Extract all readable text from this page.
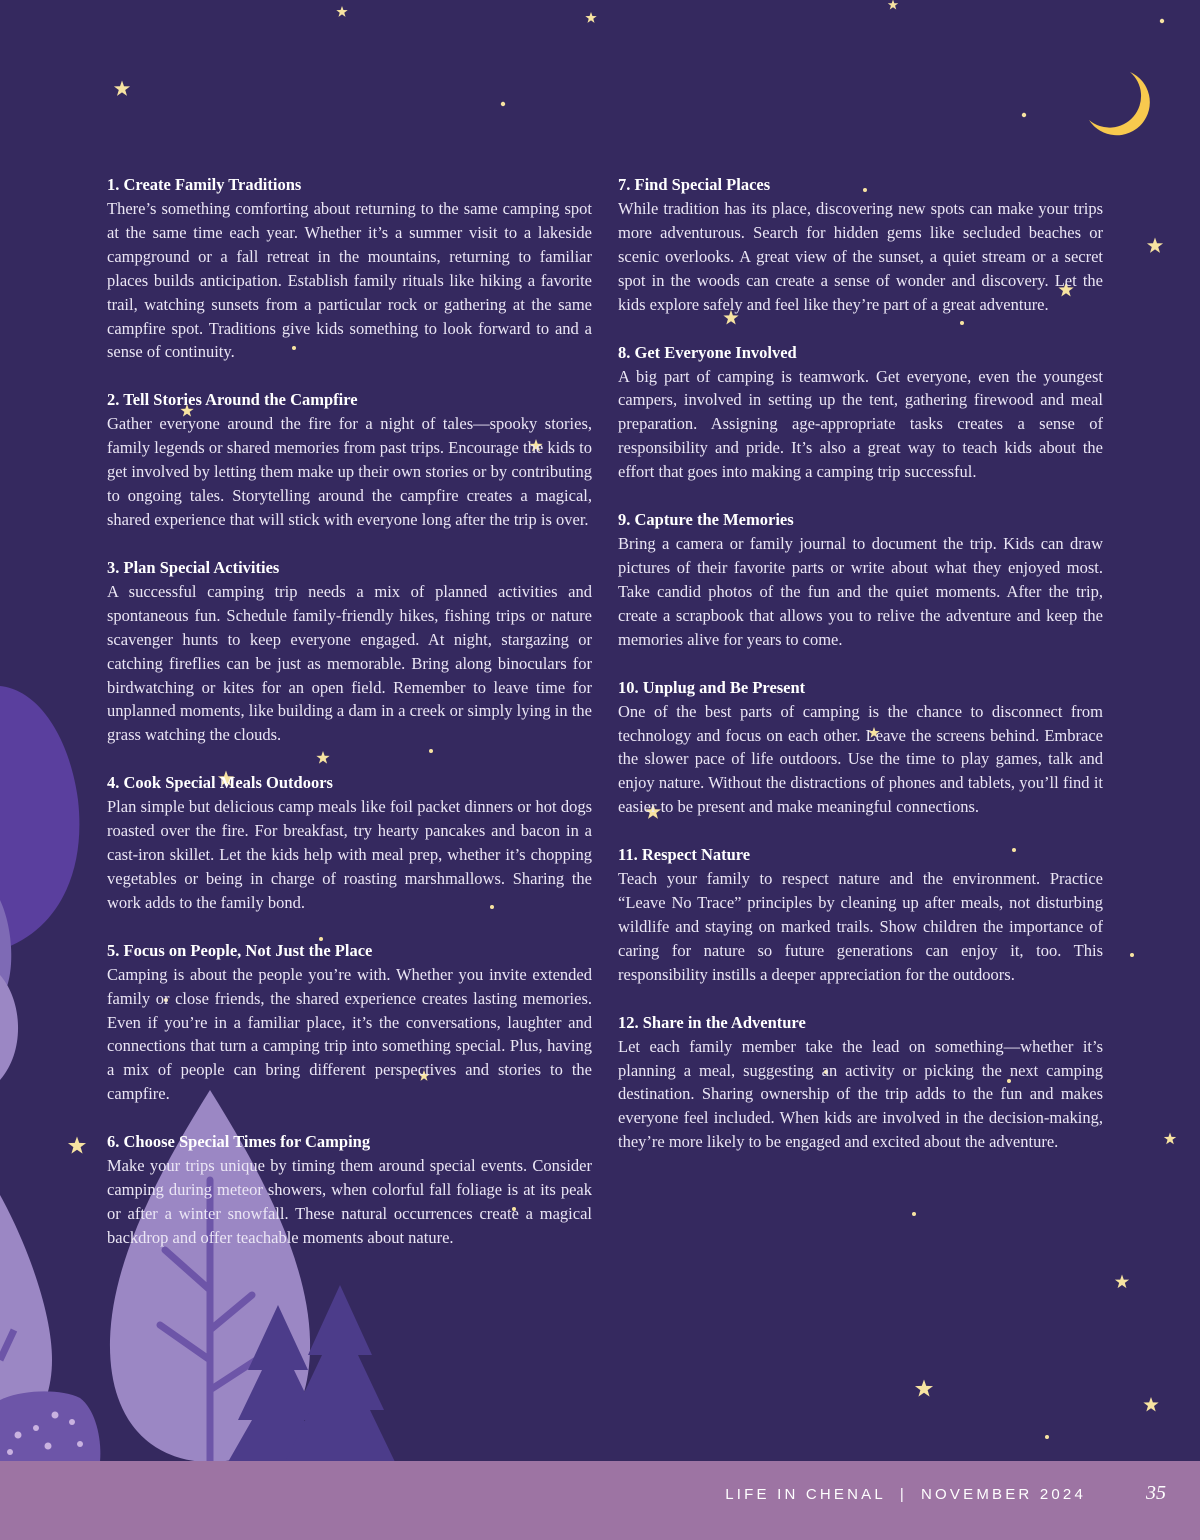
1. Create Family Traditions

There’s something comforting about returning to the same camping spot at the same time each year. Whether it’s a summer visit to a lakeside campground or a fall retreat in the mountains, returning to familiar places builds anticipation. Establish family rituals like hiking a favorite trail, watching sunsets from a particular rock or gathering at the same campfire spot. Traditions give kids something to look forward to and a sense of continuity.

2. Tell Stories Around the Campfire

Gather everyone around the fire for a night of tales—spooky stories, family legends or shared memories from past trips. Encourage the kids to get involved by letting them make up their own stories or by contributing to ongoing tales. Storytelling around the campfire creates a magical, shared experience that will stick with everyone long after the trip is over.

3. Plan Special Activities

A successful camping trip needs a mix of planned activities and spontaneous fun. Schedule family-friendly hikes, fishing trips or nature scavenger hunts to keep everyone engaged. At night, stargazing or catching fireflies can be just as memorable. Bring along binoculars for birdwatching or kites for an open field. Remember to leave time for unplanned moments, like building a dam in a creek or simply lying in the grass watching the clouds.

4. Cook Special Meals Outdoors

Plan simple but delicious camp meals like foil packet dinners or hot dogs roasted over the fire. For breakfast, try hearty pancakes and bacon in a cast-iron skillet. Let the kids help with meal prep, whether it’s chopping vegetables or being in charge of roasting marshmallows. Sharing the work adds to the family bond.

5. Focus on People, Not Just the Place

Camping is about the people you’re with. Whether you invite extended family or close friends, the shared experience creates lasting memories. Even if you’re in a familiar place, it’s the conversations, laughter and connections that turn a camping trip into something special. Plus, having a mix of people can bring different perspectives and stories to the campfire.

6. Choose Special Times for Camping

Make your trips unique by timing them around special events. Consider camping during meteor showers, when colorful fall foliage is at its peak or after a winter snowfall. These natural occurrences create a magical backdrop and offer teachable moments about nature.

7. Find Special Places

While tradition has its place, discovering new spots can make your trips more adventurous. Search for hidden gems like secluded beaches or scenic overlooks. A great view of the sunset, a quiet stream or a secret spot in the woods can create a sense of wonder and discovery. Let the kids explore safely and feel like they’re part of a great adventure.

8. Get Everyone Involved

A big part of camping is teamwork. Get everyone, even the youngest campers, involved in setting up the tent, gathering firewood and meal preparation. Assigning age-appropriate tasks creates a sense of responsibility and pride. It’s also a great way to teach kids about the effort that goes into making a camping trip successful.

9. Capture the Memories

Bring a camera or family journal to document the trip. Kids can draw pictures of their favorite parts or write about what they enjoyed most. Take candid photos of the fun and the quiet moments. After the trip, create a scrapbook that allows you to relive the adventure and keep the memories alive for years to come.

10. Unplug and Be Present

One of the best parts of camping is the chance to disconnect from technology and focus on each other. Leave the screens behind. Embrace the slower pace of life outdoors. Use the time to play games, talk and enjoy nature. Without the distractions of phones and tablets, you’ll find it easier to be present and make meaningful connections.

11. Respect Nature

Teach your family to respect nature and the environment. Practice “Leave No Trace” principles by cleaning up after meals, not disturbing wildlife and staying on marked trails. Show children the importance of caring for nature so future generations can enjoy it, too. This responsibility instills a deeper appreciation for the outdoors.

12. Share in the Adventure

Let each family member take the lead on something—whether it’s planning a meal, suggesting an activity or picking the next camping destination. Sharing ownership of the trip adds to the fun and makes everyone feel included. When kids are involved in the decision-making, they’re more likely to be engaged and excited about the adventure.

LIFE IN CHENAL | NOVEMBER 2024	35
